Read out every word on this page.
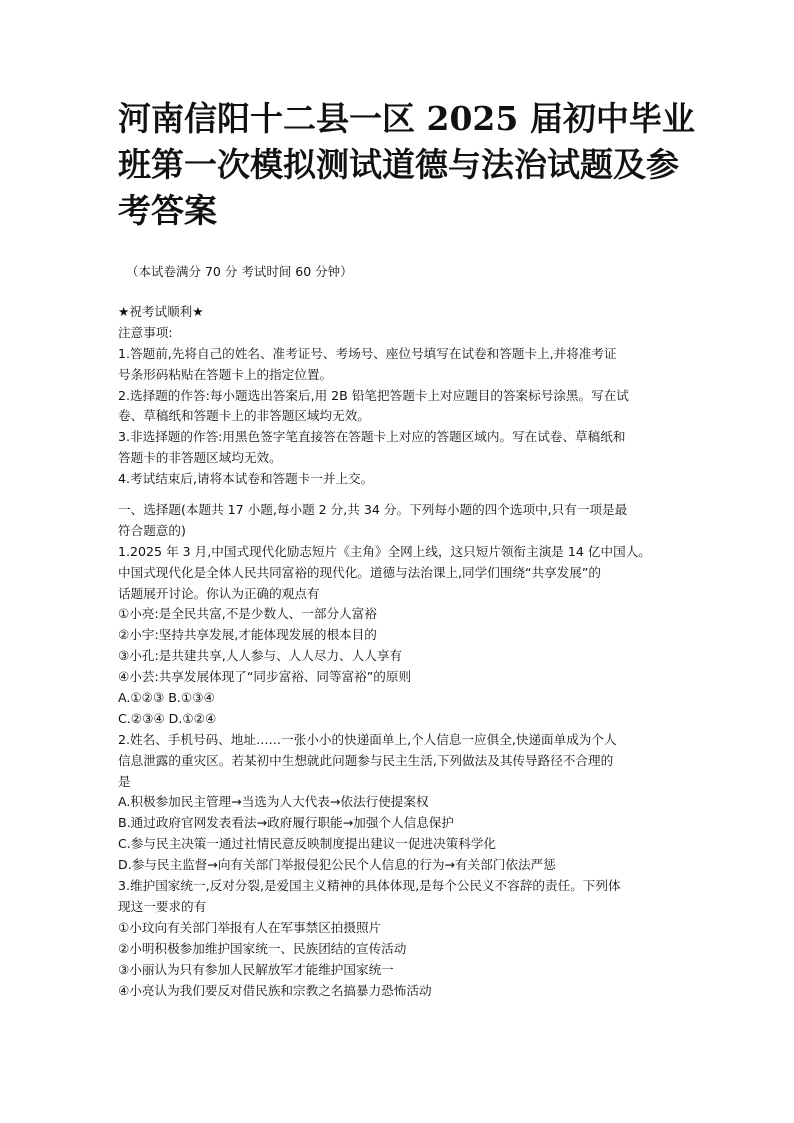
河南信阳十二县一区 2025 届初中毕业
班第一次模拟测试道德与法治试题及参
考答案
（本试卷满分 70 分 考试时间 60 分钟）
★祝考试顺利★
注意事项:
1.答题前,先将自己的姓名、准考证号、考场号、座位号填写在试卷和答题卡上,并将准考证
号条形码粘贴在答题卡上的指定位置。
2.选择题的作答:每小题选出答案后,用 2B 铅笔把答题卡上对应题目的答案标号涂黑。写在试
卷、草稿纸和答题卡上的非答题区域均无效。
3.非选择题的作答:用黑色签字笔直接答在答题卡上对应的答题区域内。写在试卷、草稿纸和
答题卡的非答题区域均无效。
4.考试结束后,请将本试卷和答题卡一并上交。
一、选择题(本题共 17 小题,每小题 2 分,共 34 分。下列每小题的四个选项中,只有一项是最
符合题意的)
1.2025 年 3 月,中国式现代化励志短片《主角》全网上线，这只短片领衔主演是 14 亿中国人。
中国式现代化是全体人民共同富裕的现代化。道德与法治课上,同学们围绕“共享发展”的
话题展开讨论。你认为正确的观点有
①小亮:是全民共富,不是少数人、一部分人富裕
②小宇:坚持共享发展,才能体现发展的根本目的
③小孔:是共建共享,人人参与、人人尽力、人人享有
④小芸:共享发展体现了“同步富裕、同等富裕”的原则
A.①②③ B.①③④
C.②③④ D.①②④
2.姓名、手机号码、地址……一张小小的快递面单上,个人信息一应俱全,快递面单成为个人
信息泄露的重灾区。若某初中生想就此问题参与民主生活,下列做法及其传导路径不合理的
是
A.积极参加民主管理→当选为人大代表→依法行使提案权
B.通过政府官网发表看法→政府履行职能→加强个人信息保护
C.参与民主决策一通过社情民意反映制度提出建议一促进决策科学化
D.参与民主监督→向有关部门举报侵犯公民个人信息的行为→有关部门依法严惩
3.维护国家统一,反对分裂,是爱国主义精神的具体体现,是每个公民义不容辞的责任。下列体
现这一要求的有
①小玟向有关部门举报有人在军事禁区拍摄照片
②小明积极参加维护国家统一、民族团结的宣传活动
③小丽认为只有参加人民解放军才能维护国家统一
④小亮认为我们要反对借民族和宗教之名搞暴力恐怖活动
